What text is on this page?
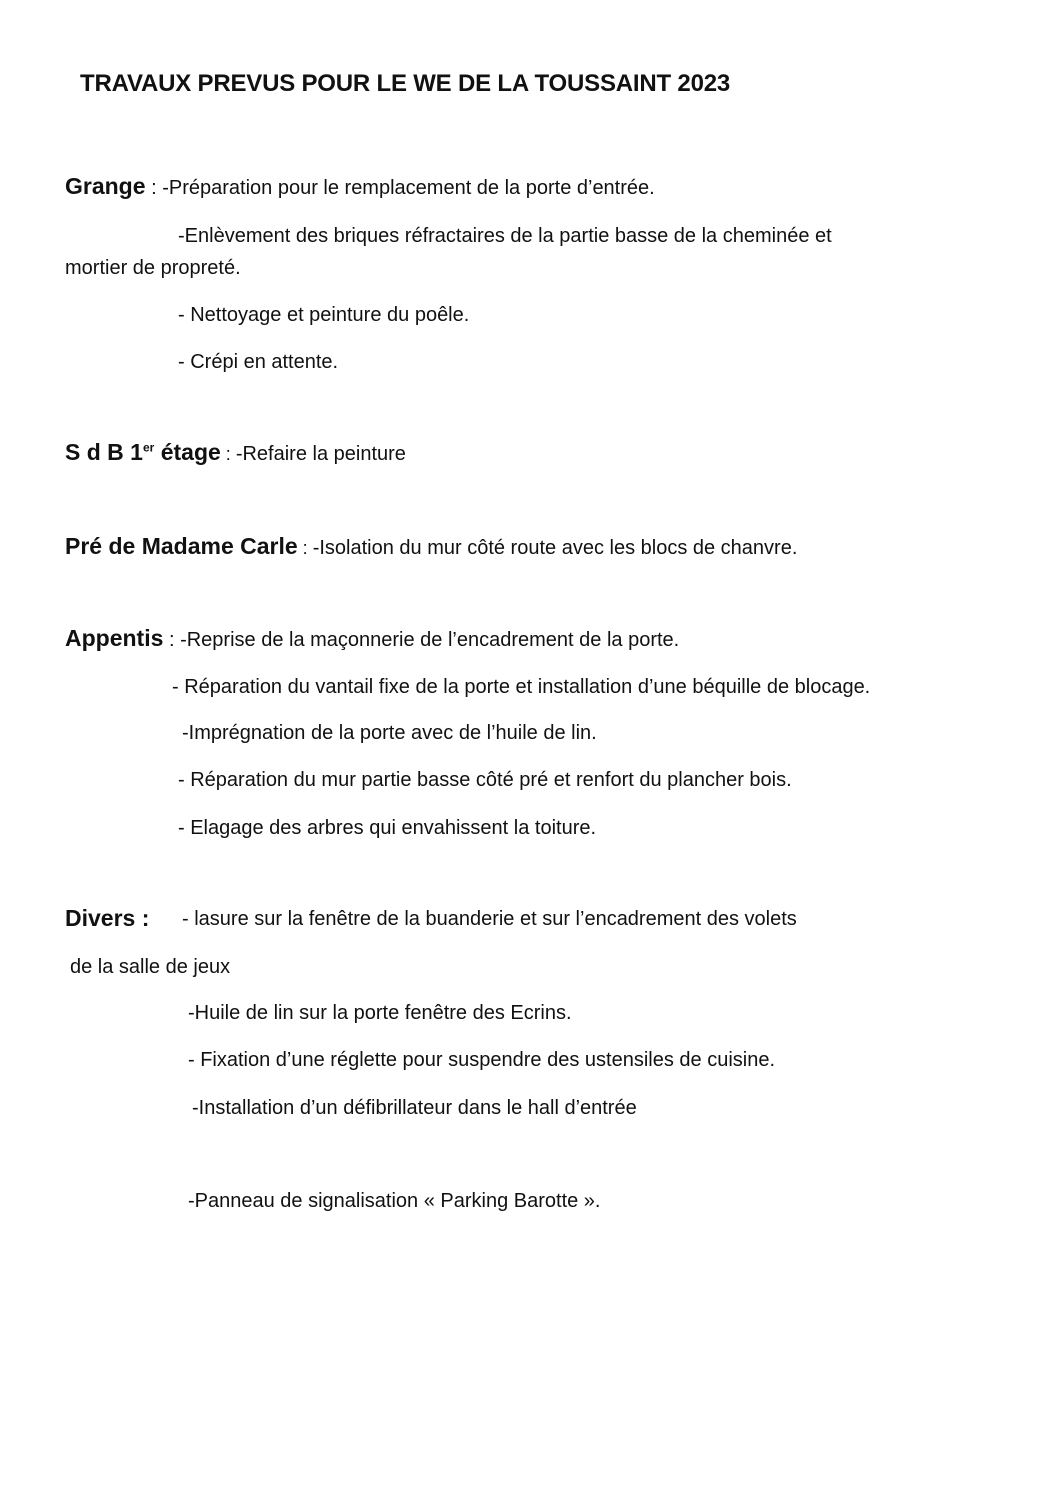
TRAVAUX PREVUS POUR LE WE DE LA TOUSSAINT 2023
Grange : -Préparation pour le remplacement de la porte d’entrée.
-Enlèvement des briques réfractaires de la partie basse de la cheminée et
mortier de propreté.
- Nettoyage et peinture du poêle.
- Crépi en attente.
S d B 1er étage : -Refaire la peinture
Pré de Madame Carle : -Isolation du mur côté route avec les blocs de chanvre.
Appentis : -Reprise de la maçonnerie de l’encadrement de la porte.
- Réparation du vantail fixe de la porte et installation d’une béquille de blocage.
-Imprégnation de la porte avec de l’huile de lin.
- Réparation du mur partie basse côté pré et renfort du plancher bois.
- Elagage des arbres qui envahissent la toiture.
Divers : - lasure sur la fenêtre de la buanderie et sur l’encadrement des volets
de la salle de jeux
-Huile de lin sur la porte fenêtre des Ecrins.
- Fixation d’une réglette pour suspendre des ustensiles de cuisine.
-Installation d’un défibrillateur dans le hall d’entrée
-Panneau de signalisation « Parking Barotte ».
